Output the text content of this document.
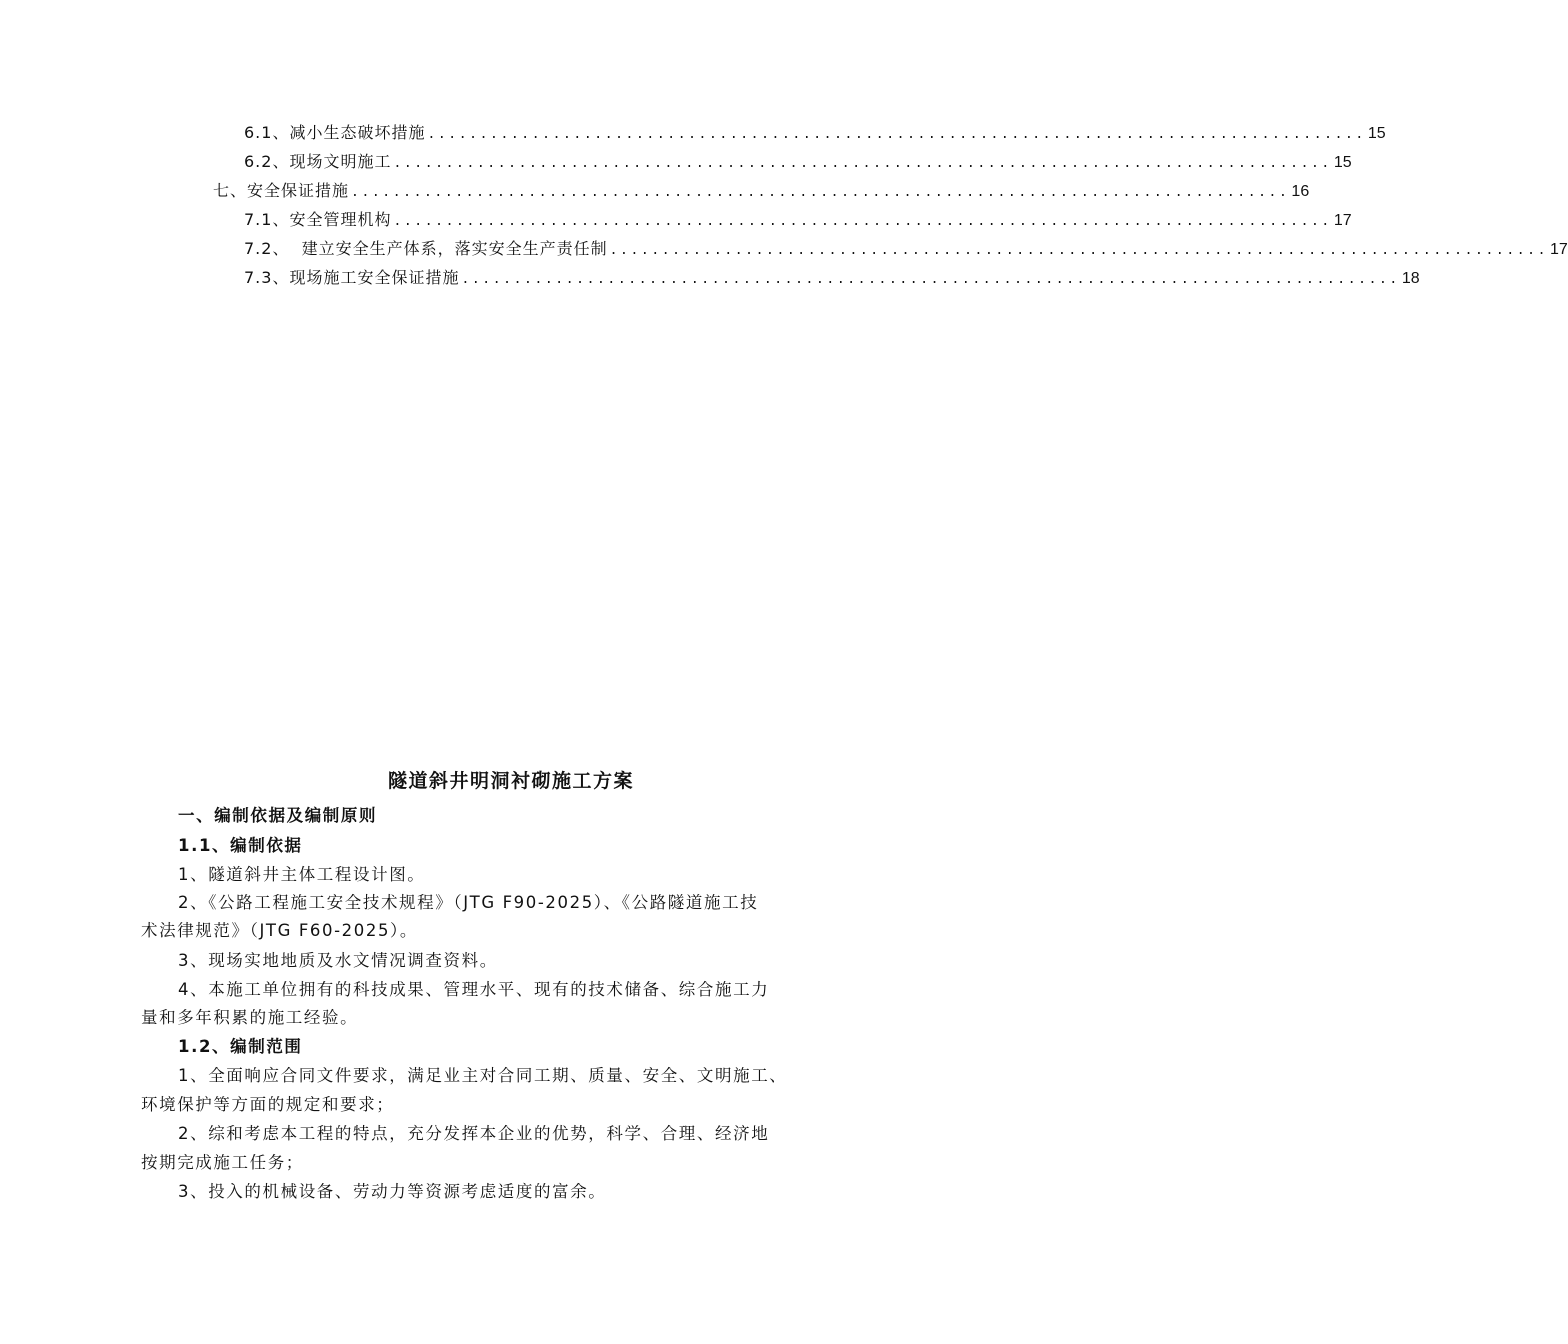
6.1、减小生态破坏措施 .......................................................................................... 15
6.2、现场文明施工 .......................................................................................... 15
七、安全保证措施 .......................................................................................... 16
7.1、安全管理机构 .......................................................................................... 17
7.2、  建立安全生产体系，落实安全生产责任制 .......................................................................................... 17
7.3、现场施工安全保证措施 .......................................................................................... 18
隧道斜井明洞衬砌施工方案
一、编制依据及编制原则
1.1、编制依据
1、隧道斜井主体工程设计图。
2、《公路工程施工安全技术规程》（JTG F90-2025）、《公路隧道施工技
术法律规范》（JTG F60-2025）。
3、现场实地地质及水文情况调查资料。
4、本施工单位拥有的科技成果、管理水平、现有的技术储备、综合施工力
量和多年积累的施工经验。
1.2、编制范围
1、全面响应合同文件要求，满足业主对合同工期、质量、安全、文明施工、
环境保护等方面的规定和要求；
2、综和考虑本工程的特点，充分发挥本企业的优势，科学、合理、经济地
按期完成施工任务；
3、投入的机械设备、劳动力等资源考虑适度的富余。
